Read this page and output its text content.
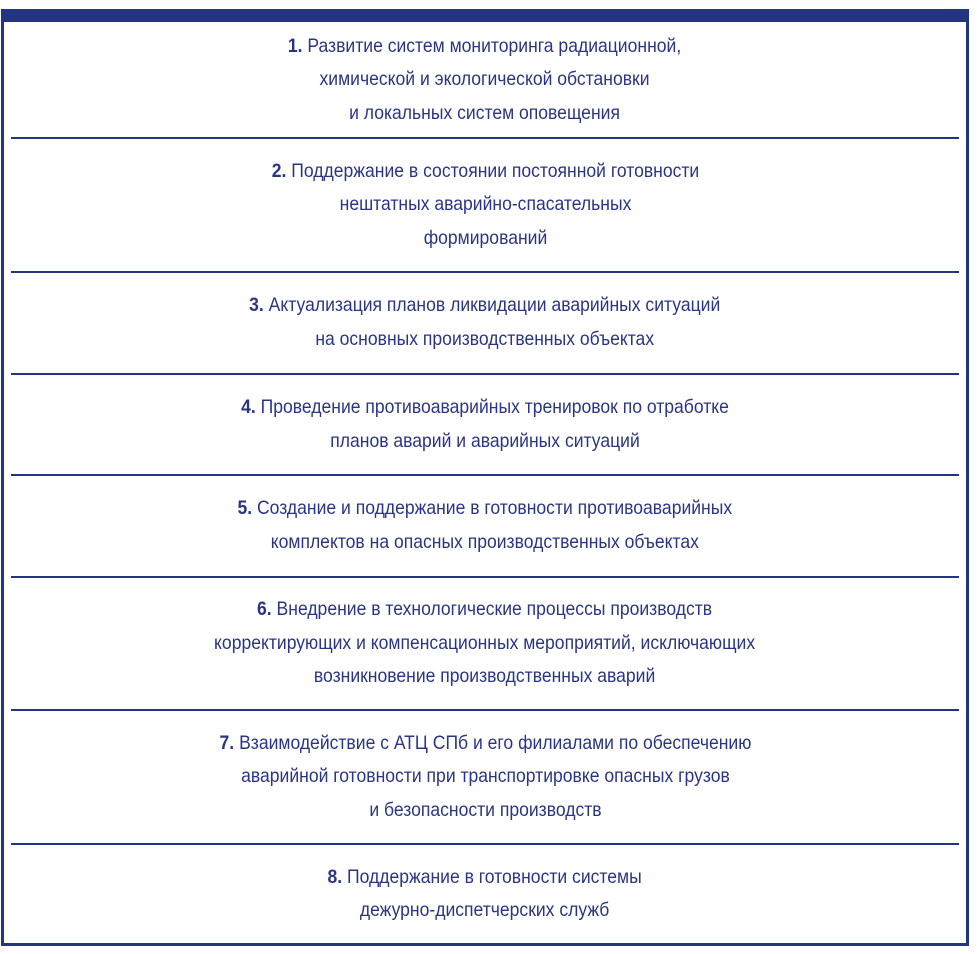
1. Развитие систем мониторинга радиационной,
химической и экологической обстановки
и локальных систем оповещения
2. Поддержание в состоянии постоянной готовности
нештатных аварийно-спасательных
формирований
3. Актуализация планов ликвидации аварийных ситуаций
на основных производственных объектах
4. Проведение противоаварийных тренировок по отработке
планов аварий и аварийных ситуаций
5. Создание и поддержание в готовности противоаварийных
комплектов на опасных производственных объектах
6. Внедрение в технологические процессы производств
корректирующих и компенсационных мероприятий, исключающих
возникновение производственных аварий
7. Взаимодействие с АТЦ СПб и его филиалами по обеспечению
аварийной готовности при транспортировке опасных грузов
и безопасности производств
8. Поддержание в готовности системы
дежурно-диспетчерских служб
